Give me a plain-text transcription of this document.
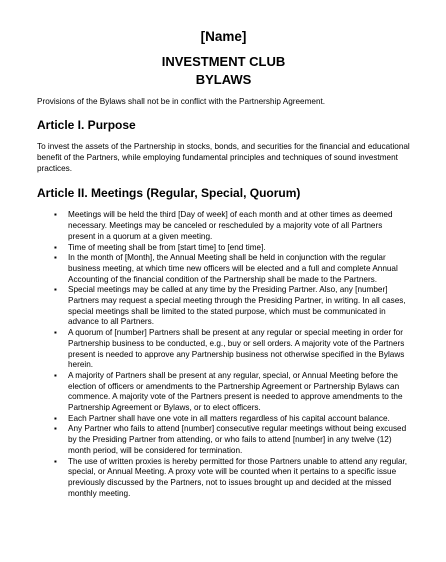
[Name]
INVESTMENT CLUB
BYLAWS
Provisions of the Bylaws shall not be in conflict with the Partnership Agreement.
Article I. Purpose
To invest the assets of the Partnership in stocks, bonds, and securities for the financial and educational benefit of the Partners, while employing fundamental principles and techniques of sound investment practices.
Article II. Meetings (Regular, Special, Quorum)
▪ Meetings will be held the third [Day of week] of each month and at other times as deemed necessary. Meetings may be canceled or rescheduled by a majority vote of all Partners present in a quorum at a given meeting.
▪ Time of meeting shall be from [start time] to [end time].
▪ In the month of [Month], the Annual Meeting shall be held in conjunction with the regular business meeting, at which time new officers will be elected and a full and complete Annual Accounting of the financial condition of the Partnership shall be made to the Partners.
▪ Special meetings may be called at any time by the Presiding Partner. Also, any [number] Partners may request a special meeting through the Presiding Partner, in writing. In all cases, special meetings shall be limited to the stated purpose, which must be communicated in advance to all Partners.
▪ A quorum of [number] Partners shall be present at any regular or special meeting in order for Partnership business to be conducted, e.g., buy or sell orders. A majority vote of the Partners present is needed to approve any Partnership business not otherwise specified in the Bylaws herein.
▪ A majority of Partners shall be present at any regular, special, or Annual Meeting before the election of officers or amendments to the Partnership Agreement or Partnership Bylaws can commence. A majority vote of the Partners present is needed to approve amendments to the Partnership Agreement or Bylaws, or to elect officers.
▪ Each Partner shall have one vote in all matters regardless of his capital account balance.
▪ Any Partner who fails to attend [number] consecutive regular meetings without being excused by the Presiding Partner from attending, or who fails to attend [number] in any twelve (12) month period, will be considered for termination.
▪ The use of written proxies is hereby permitted for those Partners unable to attend any regular, special, or Annual Meeting. A proxy vote will be counted when it pertains to a specific issue previously discussed by the Partners, not to issues brought up and decided at the missed monthly meeting.
